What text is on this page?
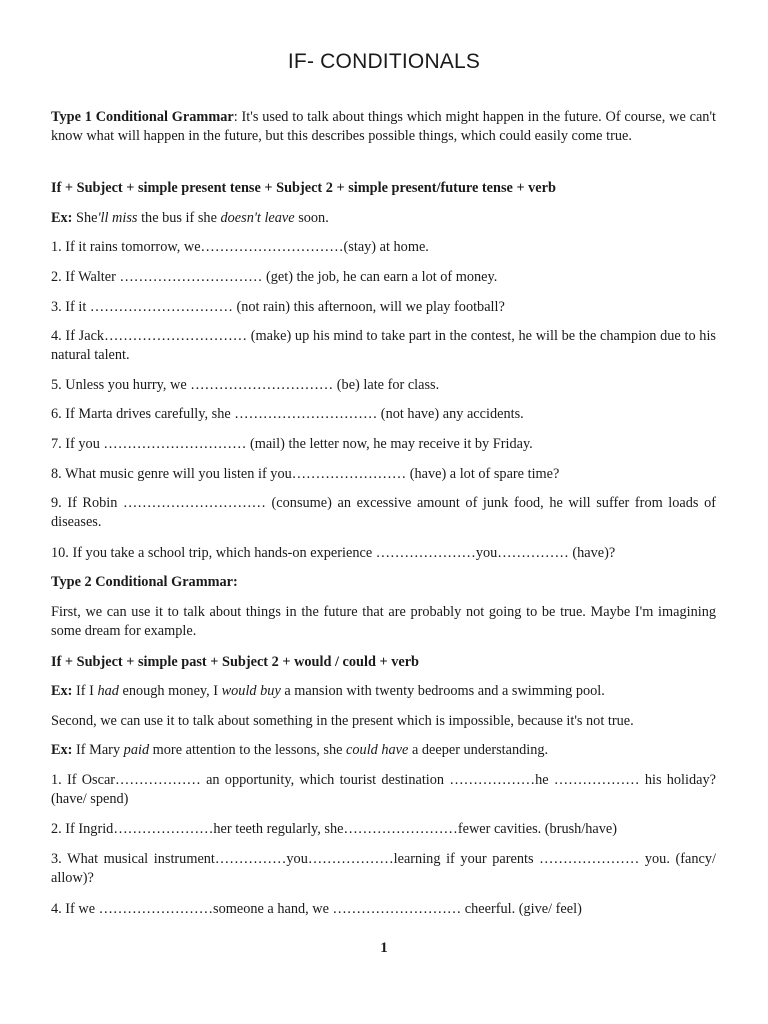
IF- CONDITIONALS
Type 1 Conditional Grammar: It's used to talk about things which might happen in the future. Of course, we can't know what will happen in the future, but this describes possible things, which could easily come true.
If + Subject + simple present tense + Subject 2 + simple present/future tense + verb
Ex: She'll miss the bus if she doesn't leave soon.
1. If it rains tomorrow, we…………………………(stay) at home.
2. If Walter ………………………… (get) the job, he can earn a lot of money.
3. If it ………………………… (not rain) this afternoon, will we play football?
4. If Jack………………………… (make) up his mind to take part in the contest, he will be the champion due to his natural talent.
5. Unless you hurry, we ………………………… (be) late for class.
6. If Marta drives carefully, she ………………………… (not have) any accidents.
7. If you ………………………… (mail) the letter now, he may receive it by Friday.
8. What music genre will you listen if you…………………… (have) a lot of spare time?
9. If Robin ………………………… (consume) an excessive amount of junk food, he will suffer from loads of diseases.
10. If you take a school trip, which hands-on experience …………………you…………… (have)?
Type 2 Conditional Grammar:
First, we can use it to talk about things in the future that are probably not going to be true. Maybe I'm imagining some dream for example.
If + Subject + simple past + Subject 2 + would / could + verb
Ex: If I had enough money, I would buy a mansion with twenty bedrooms and a swimming pool.
Second, we can use it to talk about something in the present which is impossible, because it's not true.
Ex: If Mary paid more attention to the lessons, she could have a deeper understanding.
1. If Oscar……………… an opportunity, which tourist destination ………………he ……………… his holiday? (have/ spend)
2. If Ingrid…………………her teeth regularly, she……………………fewer cavities. (brush/have)
3. What musical instrument……………you………………learning if your parents ………………… you. (fancy/ allow)?
4. If we ……………………someone a hand, we ……………………… cheerful. (give/ feel)
1
